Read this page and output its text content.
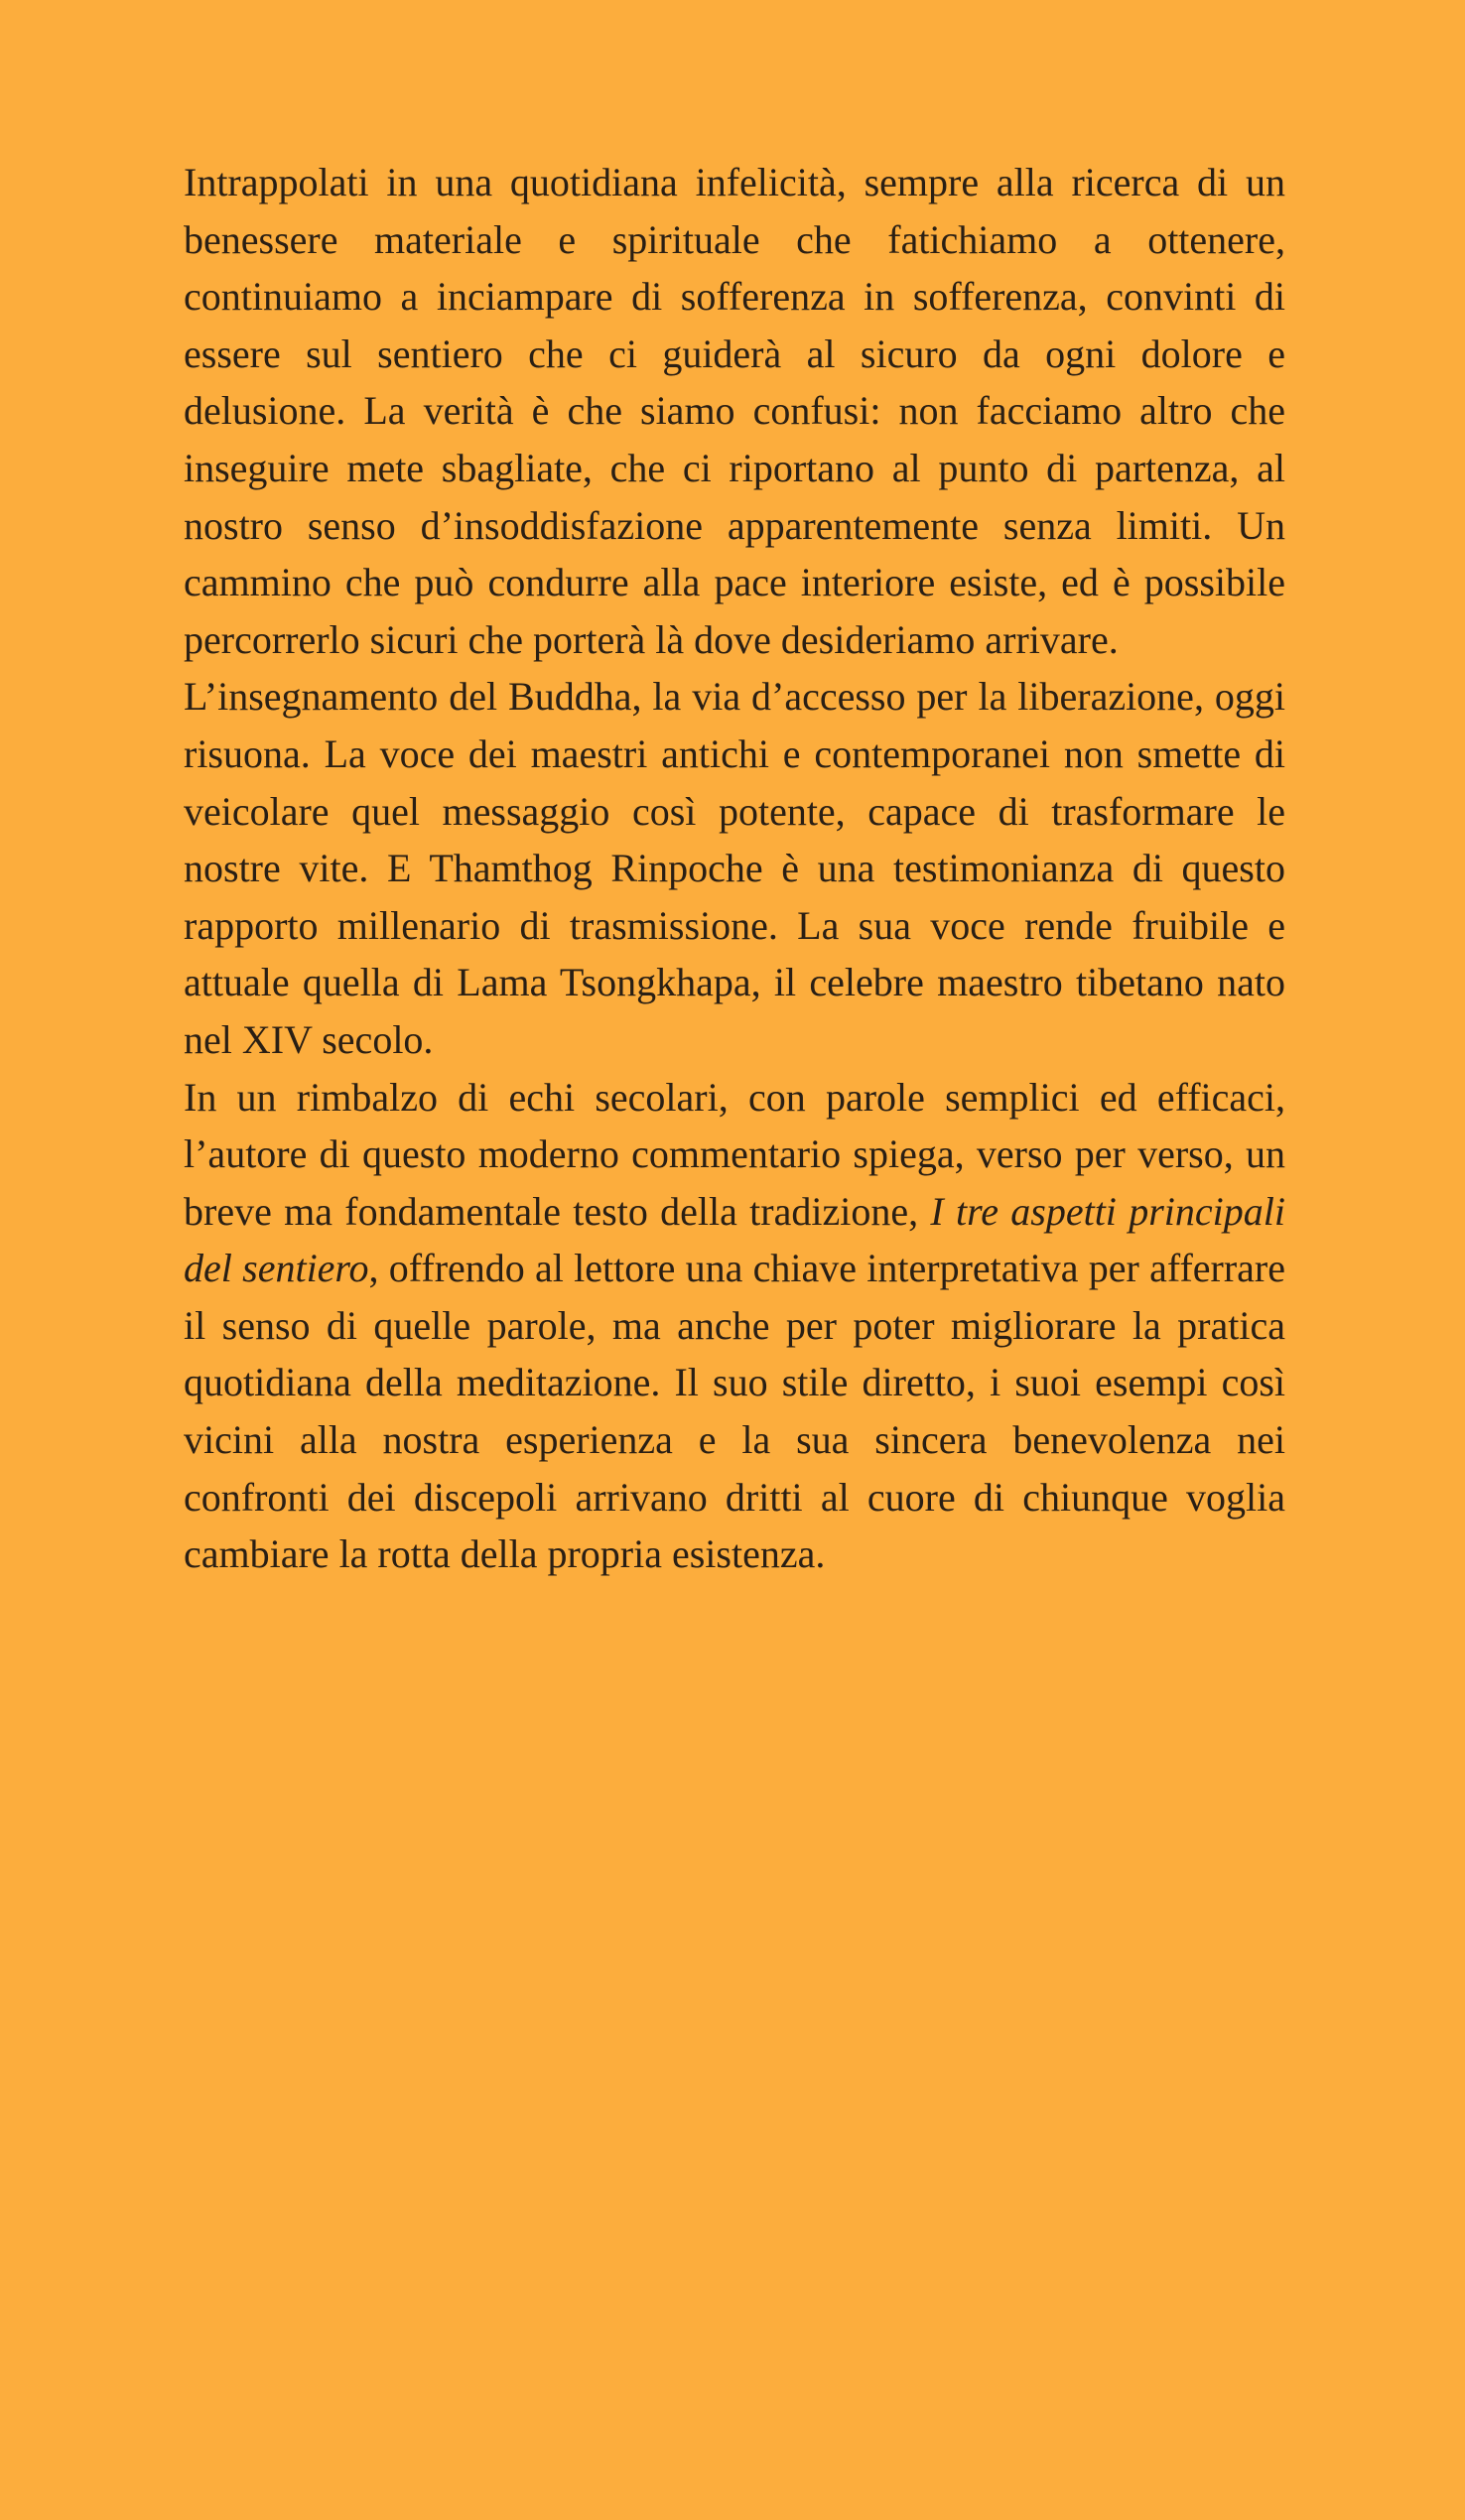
Intrappolati in una quotidiana infelicità, sempre alla ricerca di un benessere materiale e spirituale che fatichiamo a ottenere, continuiamo a inciampare di sofferenza in sofferenza, convinti di essere sul sentiero che ci guiderà al sicuro da ogni dolore e delusione. La verità è che siamo confusi: non facciamo altro che inseguire mete sbagliate, che ci riportano al punto di partenza, al nostro senso d’insoddisfazione apparentemente senza limiti. Un cammino che può condurre alla pace interiore esiste, ed è possibile percorrerlo sicuri che porterà là dove desideriamo arrivare.

L’insegnamento del Buddha, la via d’accesso per la liberazione, oggi risuona. La voce dei maestri antichi e contemporanei non smette di veicolare quel messaggio così potente, capace di trasformare le nostre vite. E Thamthog Rinpoche è una testimonianza di questo rapporto millenario di trasmissione. La sua voce rende fruibile e attuale quella di Lama Tsongkhapa, il celebre maestro tibetano nato nel XIV secolo.

In un rimbalzo di echi secolari, con parole semplici ed efficaci, l’autore di questo moderno commentario spiega, verso per verso, un breve ma fondamentale testo della tradizione, I tre aspetti principali del sentiero, offrendo al lettore una chiave interpretativa per afferrare il senso di quelle parole, ma anche per poter migliorare la pratica quotidiana della meditazione. Il suo stile diretto, i suoi esempi così vicini alla nostra esperienza e la sua sincera benevolenza nei confronti dei discepoli arrivano dritti al cuore di chiunque voglia cambiare la rotta della propria esistenza.
